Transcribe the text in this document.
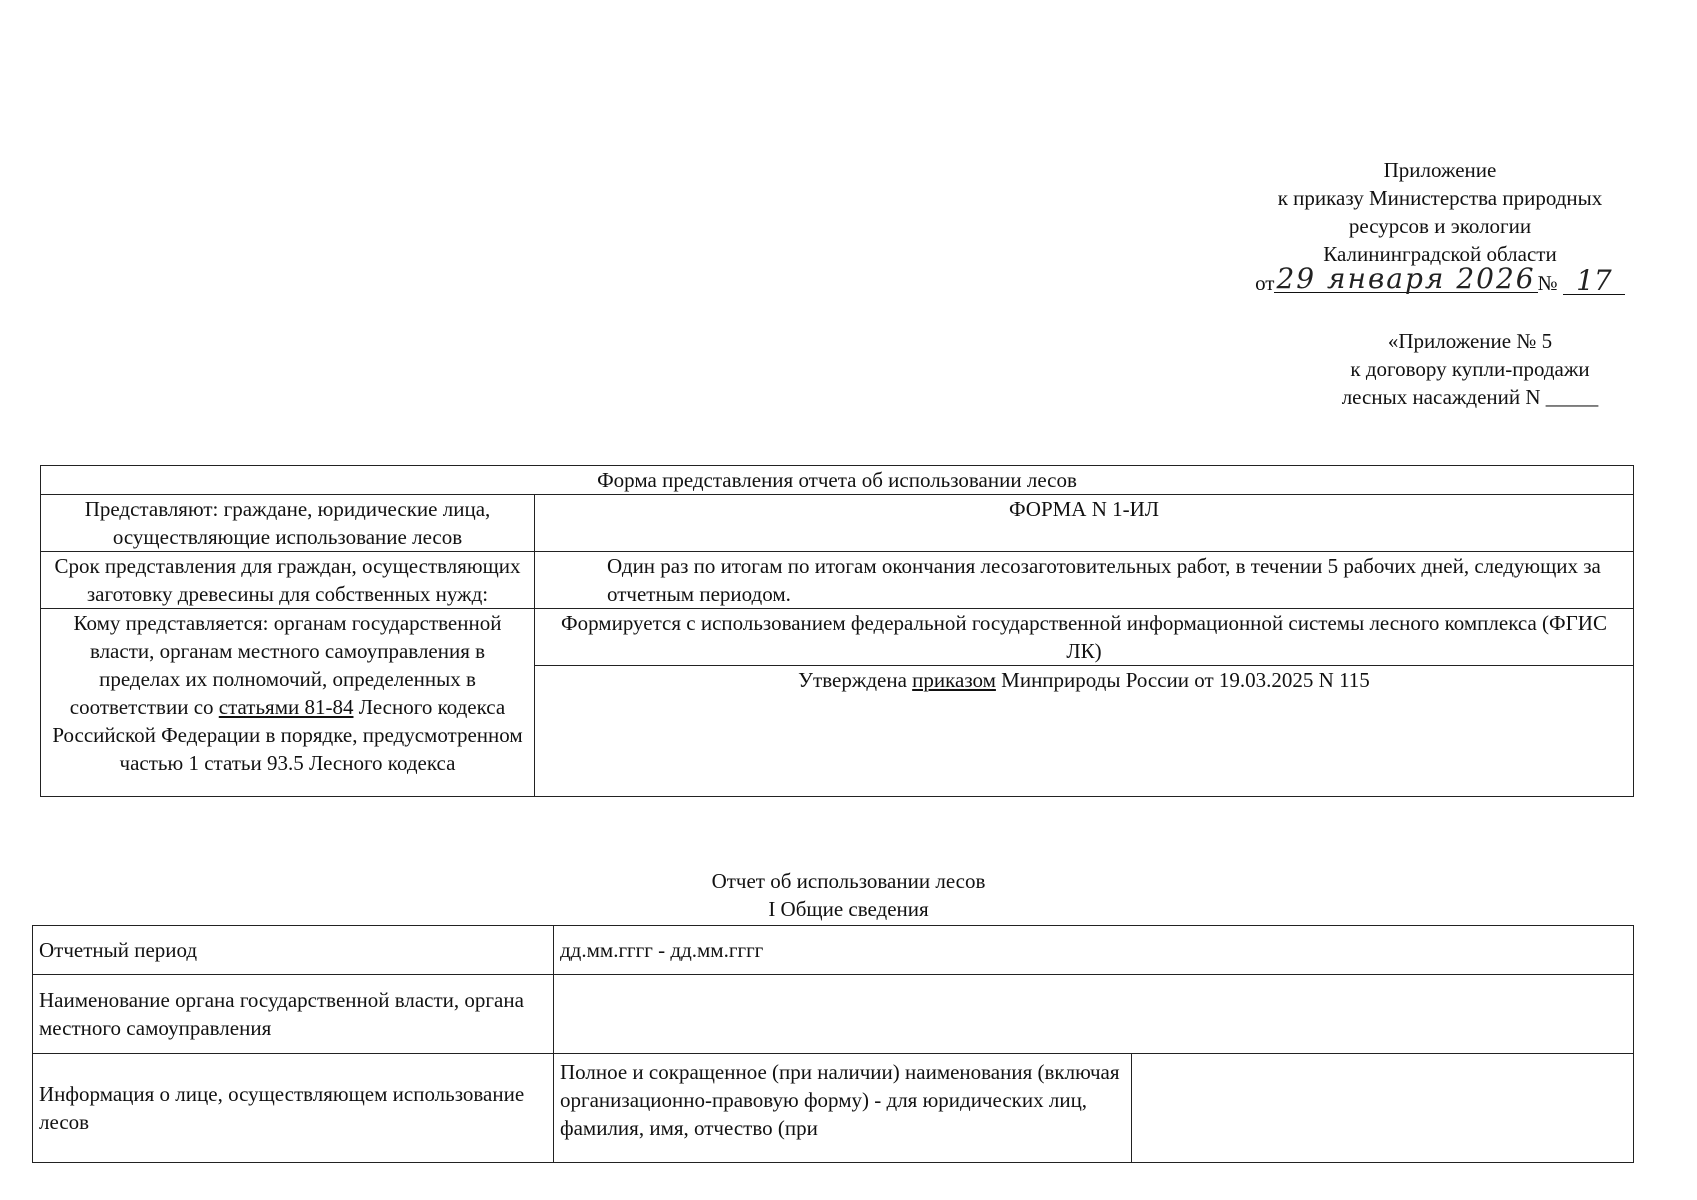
Приложение
к приказу Министерства природных
ресурсов и экологии
Калининградской области
от29 января 2026№ 17
«Приложение № 5
к договору купли-продажи
лесных насаждений N _____
Форма представления отчета об использовании лесов	
Представляют: граждане, юридические лица, осуществляющие использование лесов	ФОРМА N 1-ИЛ
Срок представления для граждан, осуществляющих заготовку древесины для собственных нужд:	Один раз по итогам по итогам окончания лесозаготовительных работ, в течении 5 рабочих дней, следующих за отчетным периодом.
Кому представляется: органам государственной власти, органам местного самоуправления в пределах их полномочий, определенных в соответствии со статьями 81-84 Лесного кодекса Российской Федерации в порядке, предусмотренном частью 1 статьи 93.5 Лесного кодекса	Формируется с использованием федеральной государственной информационной системы лесного комплекса (ФГИС ЛК)
	Утверждена приказом Минприроды России от 19.03.2025 N 115
Отчет об использовании лесов
I Общие сведения
Отчетный период	дд.мм.гггг - дд.мм.гггг	
Наименование органа государственной власти, органа местного самоуправления		
Информация о лице, осуществляющем использование лесов	Полное и сокращенное (при наличии) наименования (включая организационно-правовую форму) - для юридических лиц, фамилия, имя, отчество (при	
